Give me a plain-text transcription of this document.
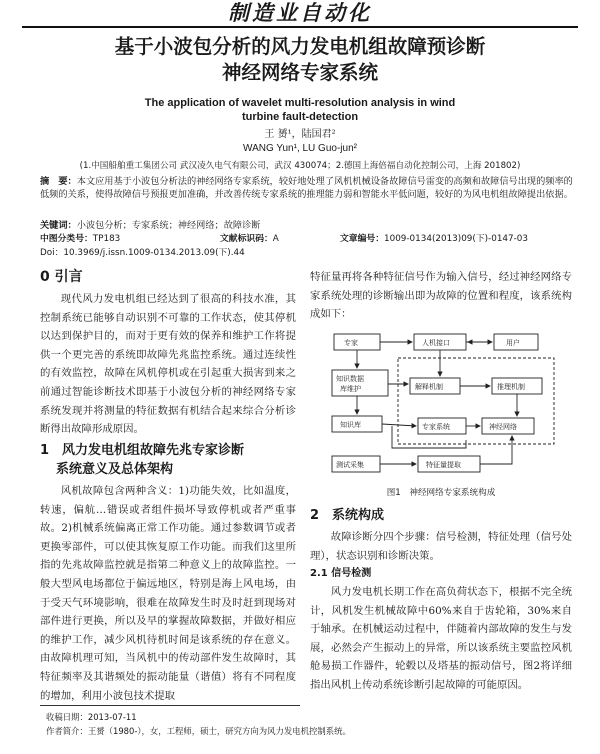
制造业自动化
基于小波包分析的风力发电机组故障预诊断
神经网络专家系统
The application of wavelet multi-resolution analysis in wind
turbine fault-detection
王 赟¹，陆国君²
WANG Yun¹, LU Guo-jun²
(1.中国船舶重工集团公司 武汉凌久电气有限公司，武汉 430074；2.德国上海倍福自动化控制公司，上海 201802)
摘　要：本文应用基于小波包分析法的神经网络专家系统，较好地处理了风机机械设备故障信号雷变的高频和故障信号出现的频率的低频的关系，使得故障信号预报更加准确，并改善传统专家系统的推理能力弱和智能水平低问题，较好的为风电机组故障提出依据。
关键词：小波包分析；专家系统；神经网络；故障诊断
中图分类号：TP183	文献标识码：A	文章编号：1009-0134(2013)09(下)-0147-03
Doi：10.3969/j.issn.1009-0134.2013.09(下).44
0 引言

现代风力发电机组已经达到了很高的科技水准，其控制系统已能够自动识别不可靠的工作状态，使其停机以达到保护目的，而对于更有效的保养和维护工作将提供一个更完善的系统即故障先兆监控系统。通过连续性的有效监控，故障在风机停机或在引起重大损害到来之前通过智能诊断技术即基于小波包分析的神经网络专家系统发现并将测量的特征数据有机结合起来综合分析诊断得出故障形成原因。

1　风力发电机组故障先兆专家诊断
系统意义及总体架构

风机故障包含两种含义：1)功能失效，比如温度，转速，偏航…错误或者组件损坏导致停机或者严重事故。2)机械系统偏离正常工作功能。通过参数调节或者更换零部件，可以使其恢复原工作功能。而我们这里所指的先兆故障监控就是指第二种意义上的故障监控。一般大型风电场都位于偏远地区，特别是海上风电场，由于受天气环境影响，很难在故障发生时及时赶到现场对部件进行更换，所以及早的掌握故障数据，并做好相应的维护工作，减少风机待机时间是该系统的存在意义。由故障机理可知，当风机中的传动部件发生故障时，其特征频率及其谐频处的振动能量（谐值）将有不同程度的增加，利用小波包技术提取

特征量再将各种特征信号作为输入信号，经过神经网络专家系统处理的诊断输出即为故障的位置和程度，该系统构成如下：

专家	人机接口	用户
知识数据
库维护	解释机制	推理机制
知识库	专家系统	神经网络
测试采集	特征量提取
图1　神经网络专家系统构成
2　系统构成

故障诊断分四个步骤：信号检测，特征处理（信号处理），状态识别和诊断决策。

2.1 信号检测

风力发电机长期工作在高负荷状态下，根据不完全统计，风机发生机械故障中60%来自于齿轮箱，30%来自于轴承。在机械运动过程中，伴随着内部故障的发生与发展，必然会产生振动上的异常，所以该系统主要监控风机舱易损工作器件，轮毂以及塔基的振动信号，图2将详细指出风机上传动系统诊断引起故障的可能原因。

收稿日期：2013-07-11
作者简介：王赟（1980-），女，工程师，硕士，研究方向为风力发电机控制系统。
